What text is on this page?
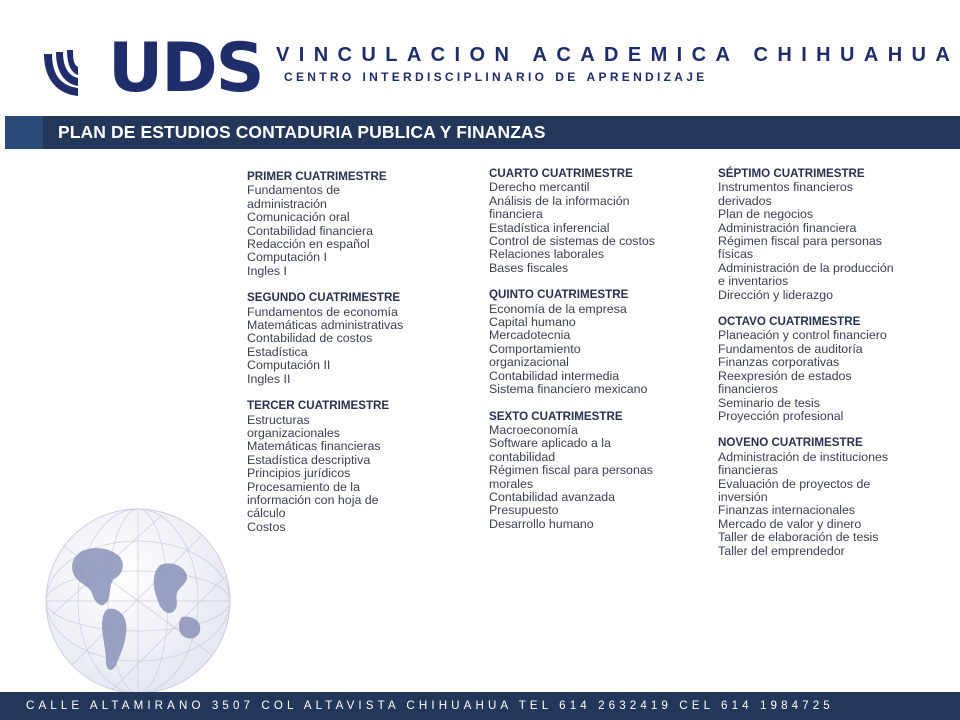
UDS VINCULACION ACADEMICA CHIHUAHUA
centro interdisciplinario de aprendizaje
PLAN DE ESTUDIOS CONTADURIA PUBLICA Y FINANZAS
PRIMER CUATRIMESTRE
Fundamentos de administración
Comunicación oral
Contabilidad financiera
Redacción en español
Computación I
Ingles I
SEGUNDO CUATRIMESTRE
Fundamentos de economía
Matemáticas administrativas
Contabilidad de costos
Estadística
Computación II
Ingles II
TERCER CUATRIMESTRE
Estructuras organizacionales
Matemáticas financieras
Estadística descriptiva
Principios jurídicos
Procesamiento de la información con hoja de cálculo
Costos
CUARTO CUATRIMESTRE
Derecho mercantil
Análisis de la información financiera
Estadística inferencial
Control de sistemas de costos
Relaciones laborales
Bases fiscales
QUINTO CUATRIMESTRE
Economía de la empresa
Capital humano
Mercadotecnia
Comportamiento organizacional
Contabilidad intermedia
Sistema financiero mexicano
SEXTO CUATRIMESTRE
Macroeconomía
Software aplicado a la contabilidad
Régimen fiscal para personas morales
Contabilidad avanzada
Presupuesto
Desarrollo humano
SÉPTIMO CUATRIMESTRE
Instrumentos financieros derivados
Plan de negocios
Administración financiera
Régimen fiscal para personas físicas
Administración de la producción e inventarios
Dirección y liderazgo
OCTAVO CUATRIMESTRE
Planeación y control financiero
Fundamentos de auditoría
Finanzas corporativas
Reexpresión de estados financieros
Seminario de tesis
Proyección profesional
NOVENO CUATRIMESTRE
Administración de instituciones financieras
Evaluación de proyectos de inversión
Finanzas internacionales
Mercado de valor y dinero
Taller de elaboración de tesis
Taller del emprendedor
CALLE ALTAMIRANO 3507 COL ALTAVISTA CHIHUAHUA TEL 614 2632419 CEL 614 1984725
